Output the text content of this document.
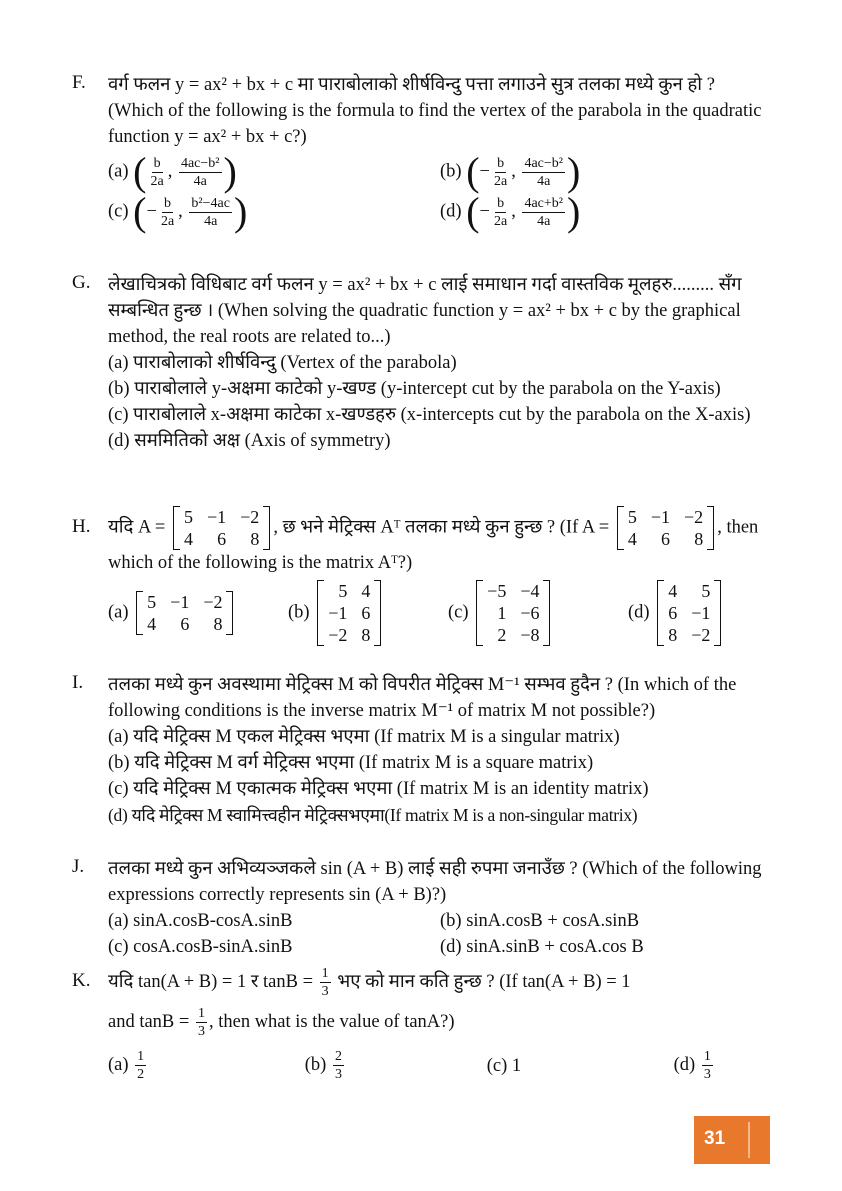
F. वर्ग फलन y = ax² + bx + c मा पाराबोलाको शीर्षविन्दु पत्ता लगाउने सुत्र तलका मध्ये कुन हो ? (Which of the following is the formula to find the vertex of the parabola in the quadratic function y = ax² + bx + c?)
(a) ( $\frac{b}{2a}$ , $\frac{\text{4ac−b²}}{4a}$ )	(b) (− $\frac{b}{2a}$ , $\frac{\text{4ac−b²}}{4a}$ )
(c) (− $\frac{b}{2a}$ , $\frac{\text{b²−4ac}}{4a}$ )	(d) (− $\frac{b}{2a}$ , $\frac{\text{4ac+b²}}{4a}$ )
G. लेखाचित्रको विधिबाट वर्ग फलन y = ax² + bx + c लाई समाधान गर्दा वास्तविक मूलहरु......... सँग सम्बन्धित हुन्छ । (When solving the quadratic function y = ax² + bx + c by the graphical method, the real roots are related to...)
(a) पाराबोलाको शीर्षविन्दु (Vertex of the parabola)
(b) पाराबोलाले y-अक्षमा काटेको y-खण्ड (y-intercept cut by the parabola on the Y-axis)
(c) पाराबोलाले x-अक्षमा काटेका x-खण्डहरु (x-intercepts cut by the parabola on the X-axis)
(d) सममितिको अक्ष (Axis of symmetry)
H. यदि A =
5 −1 −2
4	6	8
, छ भने मेट्रिक्स Aᵀ तलका मध्ये कुन हुन्छ ? (If A =
5 −1 −2
4	6	8
, then which of the following is the matrix Aᵀ?)
(a)
5 −1 −2
4	6	8
(b)
5 4
−1 6
−2 8
(c)
−5 −4
1 −6
2 −8
(d)
4	5
6 −1
8 −2
I. तलका मध्ये कुन अवस्थामा मेट्रिक्स M को विपरीत मेट्रिक्स M⁻¹ सम्भव हुदैन ? (In which of the following conditions is the inverse matrix M⁻¹ of matrix M not possible?)
(a) यदि मेट्रिक्स M एकल मेट्रिक्स भएमा (If matrix M is a singular matrix)
(b) यदि मेट्रिक्स M वर्ग मेट्रिक्स भएमा (If matrix M is a square matrix)
(c) यदि मेट्रिक्स M एकात्मक मेट्रिक्स भएमा (If matrix M is an identity matrix)
(d) यदि मेट्रिक्स M स्वामित्त्वहीन मेट्रिक्सभएमा(If matrix M is a non-singular matrix)
J. तलका मध्ये कुन अभिव्यञ्जकले sin (A + B) लाई सही रुपमा जनाउँछ ? (Which of the following expressions correctly represents sin (A + B)?)
(a) sinA.cosB-cosA.sinB	(b) sinA.cosB + cosA.sinB
(c) cosA.cosB-sinA.sinB	(d) sinA.sinB + cosA.cos B
K. यदि tan(A + B) = 1 र $\tan B = \frac{1}{3}$ भए को मान कति हुन्छ ? (If tan(A + B) = 1
and $\tan B = \frac{1}{3}$ , then what is the value of tanA?)
$(a) \frac{1}{2}$	$(b) \frac{2}{3}$	(c) 1	$(d) \frac{1}{3}$
31
